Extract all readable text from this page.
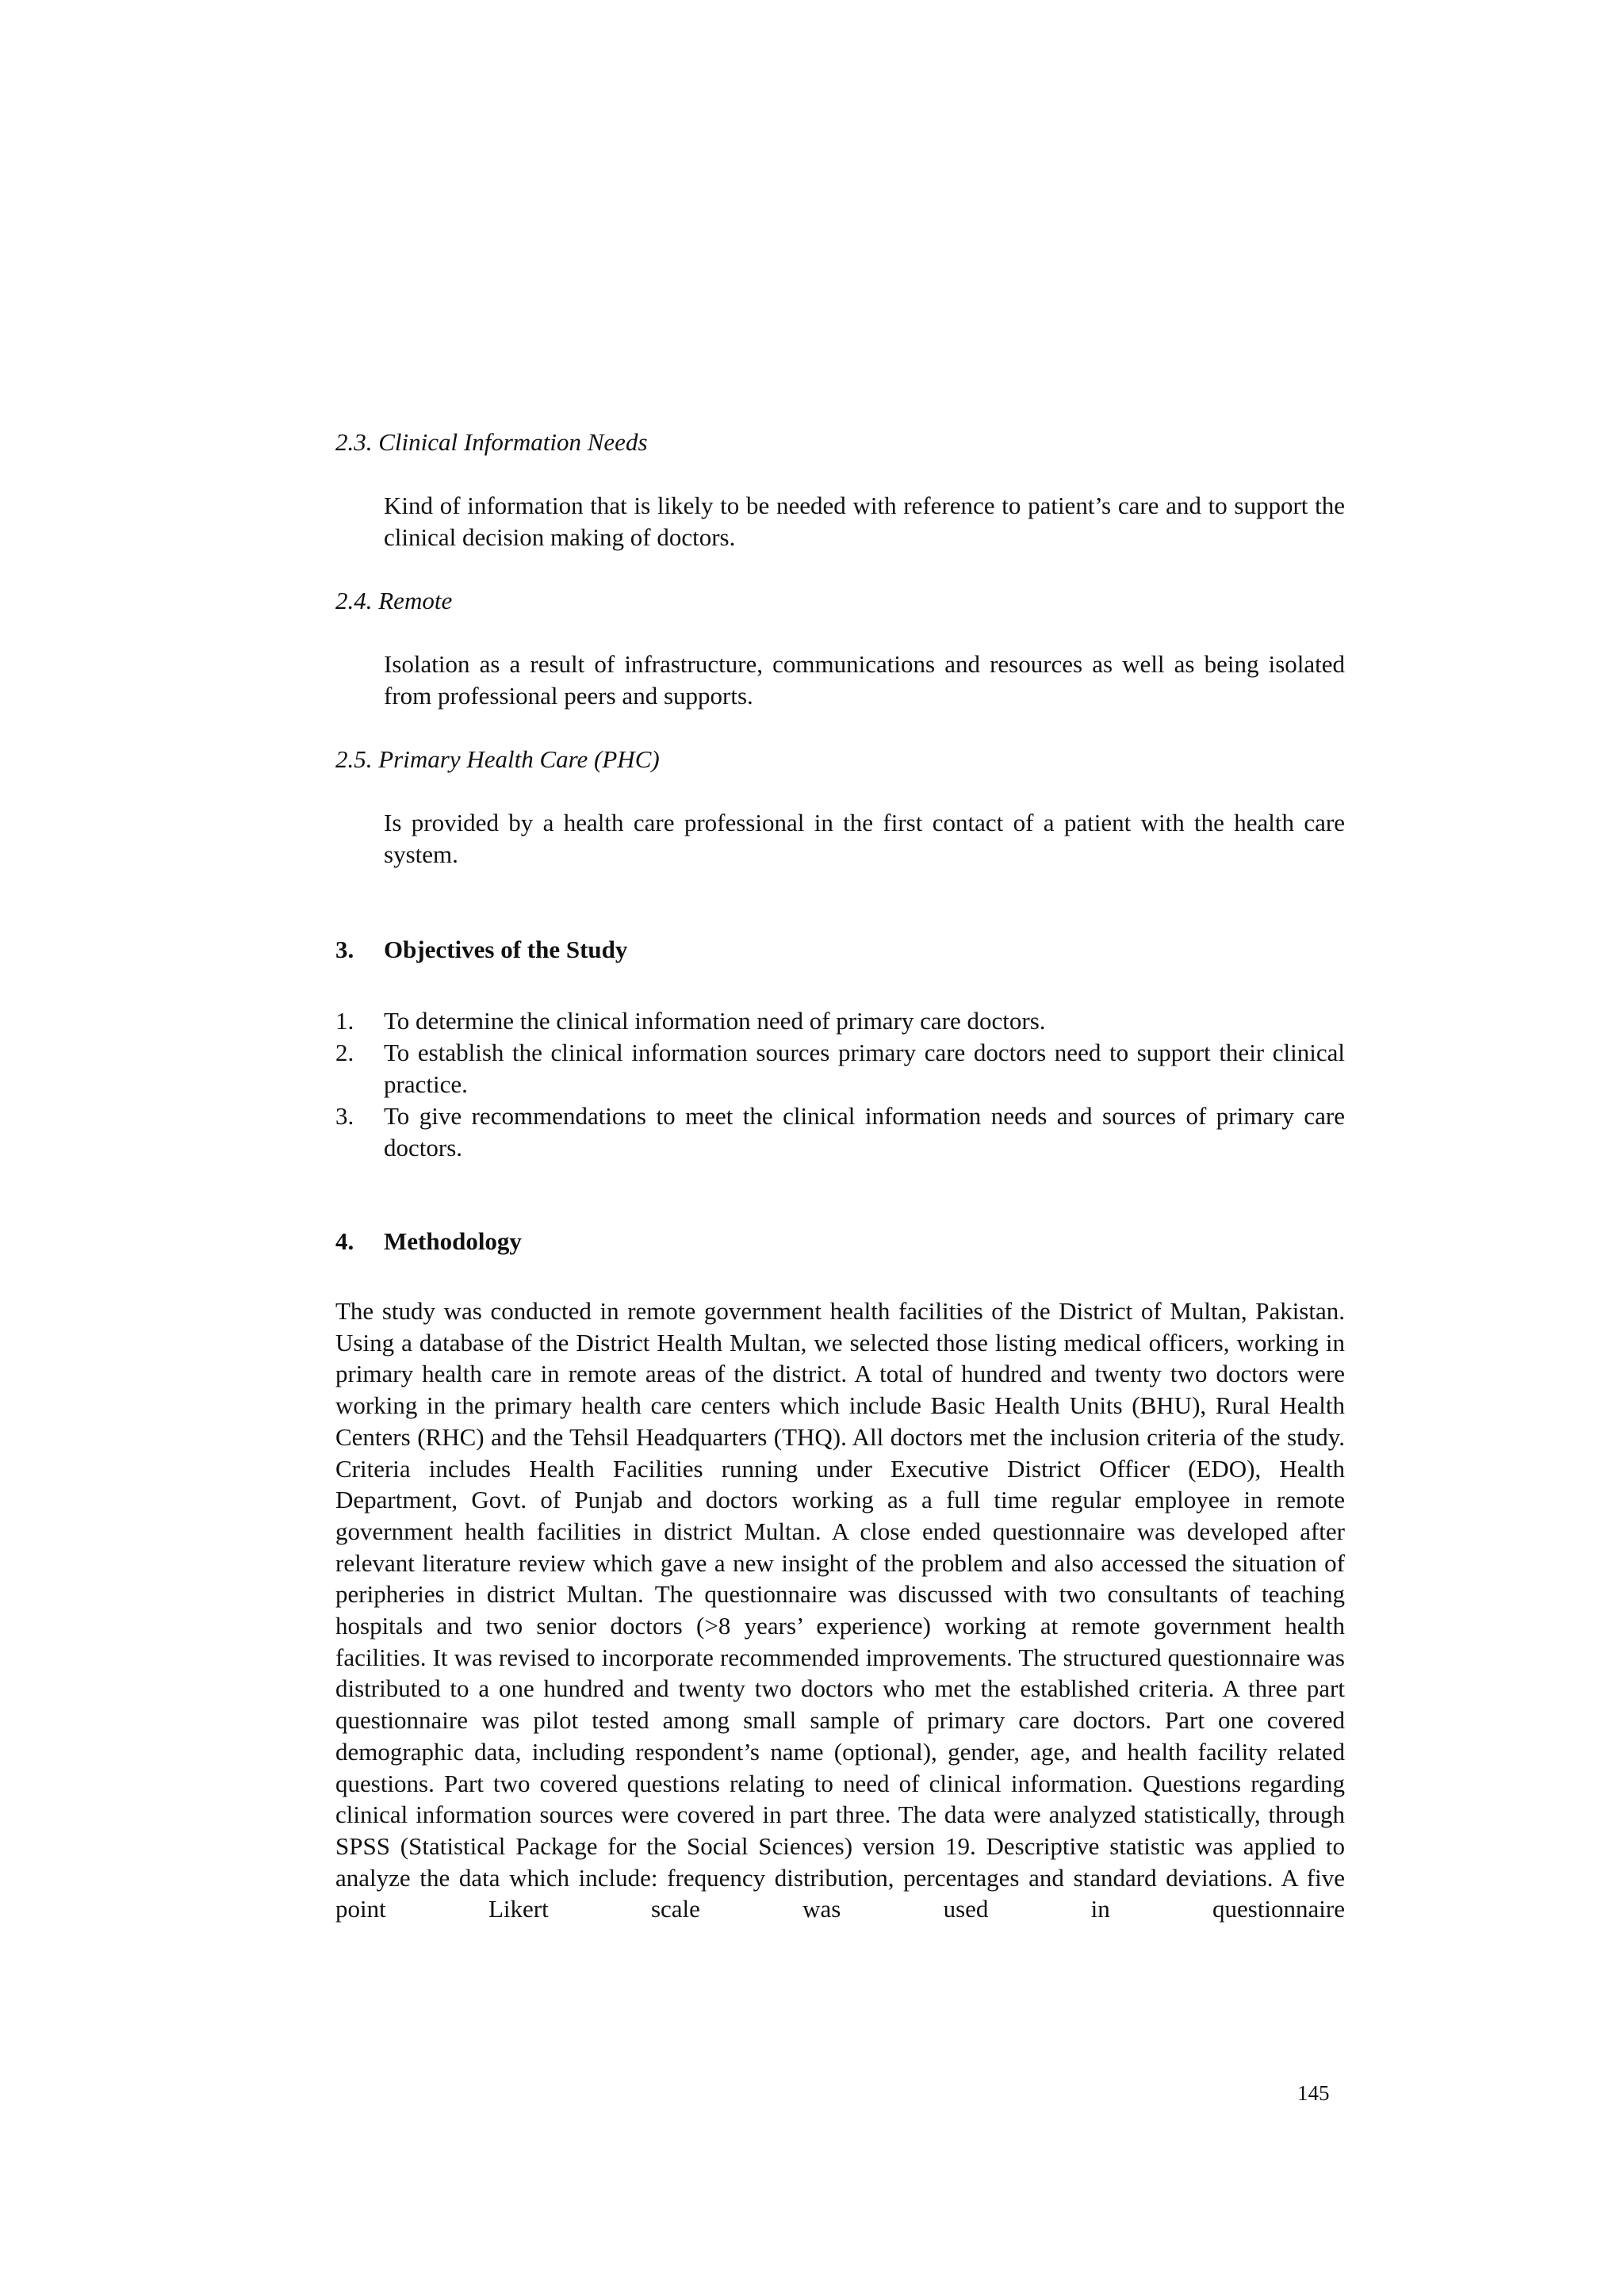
2.3. Clinical Information Needs

Kind of information that is likely to be needed with reference to patient’s care and to support the clinical decision making of doctors.

2.4. Remote

Isolation as a result of infrastructure, communications and resources as well as being isolated from professional peers and supports.

2.5. Primary Health Care (PHC)

Is provided by a health care professional in the first contact of a patient with the health care system.

3. Objectives of the Study
1. To determine the clinical information need of primary care doctors.
2. To establish the clinical information sources primary care doctors need to support their clinical practice.
3. To give recommendations to meet the clinical information needs and sources of primary care doctors.
4. Methodology

The study was conducted in remote government health facilities of the District of Multan, Pakistan. Using a database of the District Health Multan, we selected those listing medical officers, working in primary health care in remote areas of the district. A total of hundred and twenty two doctors were working in the primary health care centers which include Basic Health Units (BHU), Rural Health Centers (RHC) and the Tehsil Headquarters (THQ). All doctors met the inclusion criteria of the study. Criteria includes Health Facilities running under Executive District Officer (EDO), Health Department, Govt. of Punjab and doctors working as a full time regular employee in remote government health facilities in district Multan. A close ended questionnaire was developed after relevant literature review which gave a new insight of the problem and also accessed the situation of peripheries in district Multan. The questionnaire was discussed with two consultants of teaching hospitals and two senior doctors (>8 years’ experience) working at remote government health facilities. It was revised to incorporate recommended improvements. The structured questionnaire was distributed to a one hundred and twenty two doctors who met the established criteria. A three part questionnaire was pilot tested among small sample of primary care doctors. Part one covered demographic data, including respondent’s name (optional), gender, age, and health facility related questions. Part two covered questions relating to need of clinical information. Questions regarding clinical information sources were covered in part three. The data were analyzed statistically, through SPSS (Statistical Package for the Social Sciences) version 19. Descriptive statistic was applied to analyze the data which include: frequency distribution, percentages and standard deviations. A five point Likert scale was used in questionnaire

145
